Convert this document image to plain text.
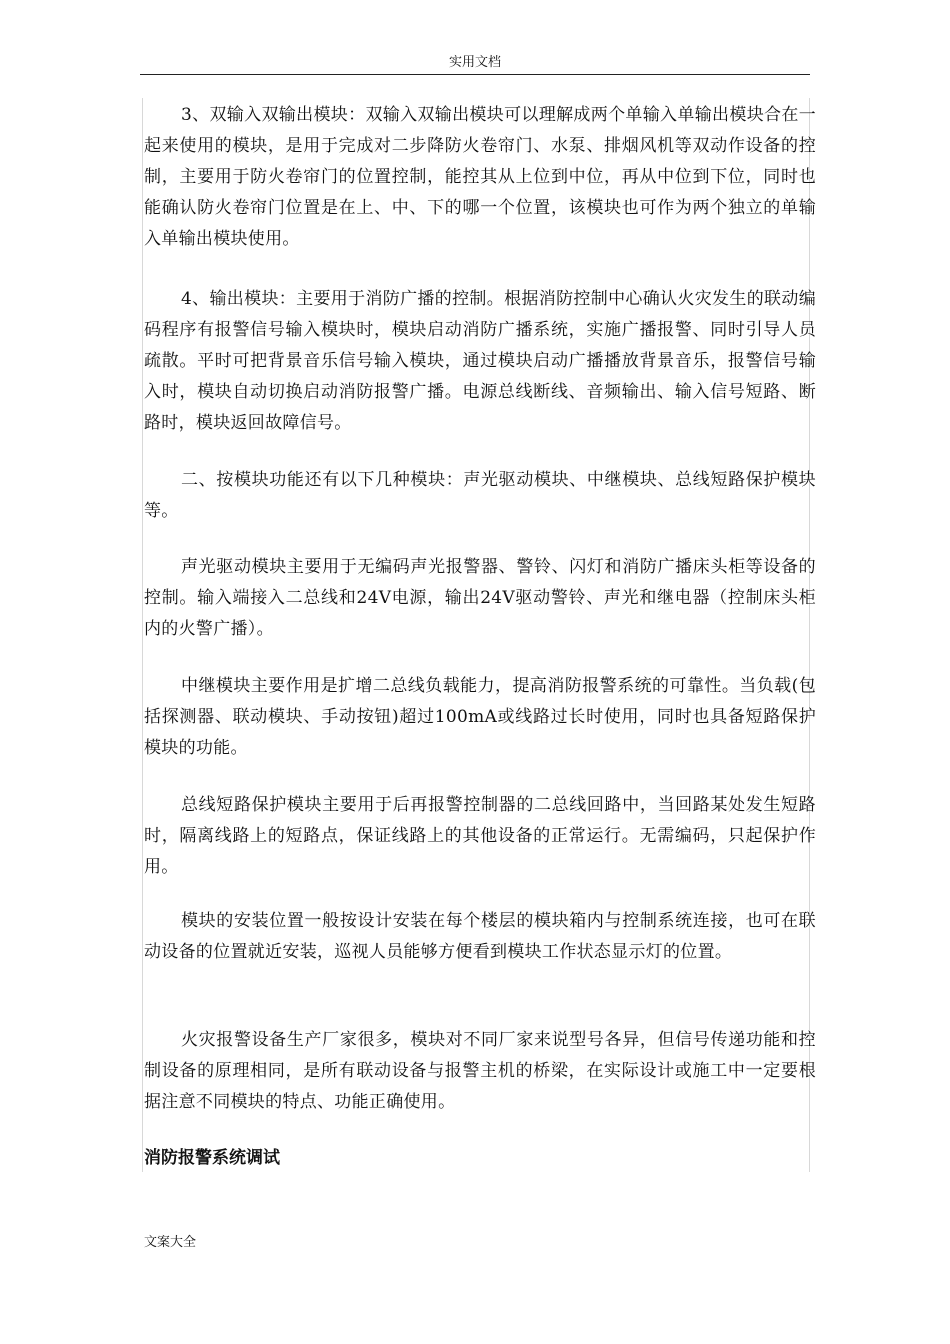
实用文档

3、双输入双输出模块：双输入双输出模块可以理解成两个单输入单输出模块合在一起来使用的模块，是用于完成对二步降防火卷帘门、水泵、排烟风机等双动作设备的控制，主要用于防火卷帘门的位置控制，能控其从上位到中位，再从中位到下位，同时也能确认防火卷帘门位置是在上、中、下的哪一个位置，该模块也可作为两个独立的单输入单输出模块使用。

4、输出模块：主要用于消防广播的控制。根据消防控制中心确认火灾发生的联动编码程序有报警信号输入模块时，模块启动消防广播系统，实施广播报警、同时引导人员疏散。平时可把背景音乐信号输入模块，通过模块启动广播播放背景音乐，报警信号输入时，模块自动切换启动消防报警广播。电源总线断线、音频输出、输入信号短路、断路时，模块返回故障信号。

二、按模块功能还有以下几种模块：声光驱动模块、中继模块、总线短路保护模块等。

声光驱动模块主要用于无编码声光报警器、警铃、闪灯和消防广播床头柜等设备的控制。输入端接入二总线和24V电源，输出24V驱动警铃、声光和继电器（控制床头柜内的火警广播）。

中继模块主要作用是扩增二总线负载能力，提高消防报警系统的可靠性。当负载(包括探测器、联动模块、手动按钮)超过100mA或线路过长时使用，同时也具备短路保护模块的功能。

总线短路保护模块主要用于后再报警控制器的二总线回路中，当回路某处发生短路时，隔离线路上的短路点，保证线路上的其他设备的正常运行。无需编码，只起保护作用。

模块的安装位置一般按设计安装在每个楼层的模块箱内与控制系统连接，也可在联动设备的位置就近安装，巡视人员能够方便看到模块工作状态显示灯的位置。

火灾报警设备生产厂家很多，模块对不同厂家来说型号各异，但信号传递功能和控制设备的原理相同，是所有联动设备与报警主机的桥梁，在实际设计或施工中一定要根据注意不同模块的特点、功能正确使用。

消防报警系统调试
文案大全
